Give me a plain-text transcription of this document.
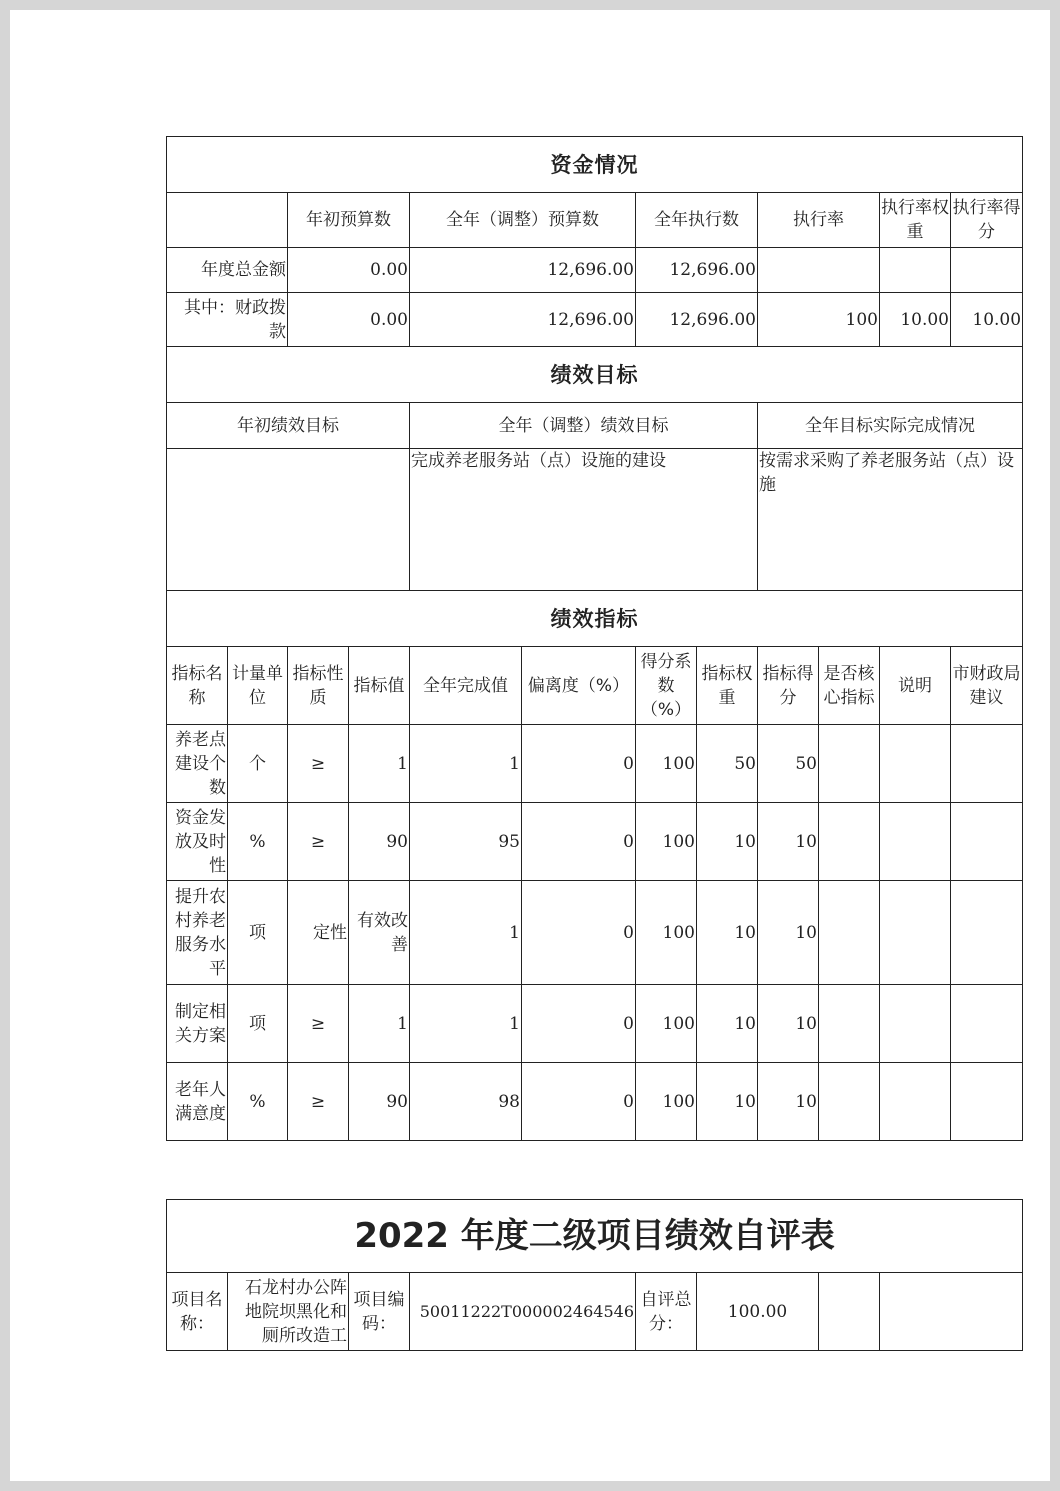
资金情况											
		年初预算数		全年（调整）预算数		全年执行数		执行率		执行率权重	执行率得分
年度总金额		0.00		12,696.00		12,696.00					
其中：财政拨款		0.00		12,696.00		12,696.00		100		10.00	10.00
绩效目标											
年初绩效目标				全年（调整）绩效目标				全年目标实际完成情况			
				完成养老服务站（点）设施的建设				按需求采购了养老服务站（点）设施			
绩效指标											
指标名称	计量单位	指标性质	指标值	全年完成值	偏离度（%）	得分系数（%）	指标权重	指标得分	是否核心指标	说明	市财政局建议
养老点建设个数	个	≥	1	1	0	100	50	50			
资金发放及时性	%	≥	90	95	0	100	10	10			
提升农村养老服务水平	项	定性	有效改善	1	0	100	10	10			
制定相关方案	项	≥	1	1	0	100	10	10			
老年人满意度	%	≥	90	98	0	100	10	10			
2022 年度二级项目绩效自评表
项目名称：	石龙村办公阵地院坝黑化和厕所改造工	项目编码：	50011222T000002464546	自评总分：	100.00		
